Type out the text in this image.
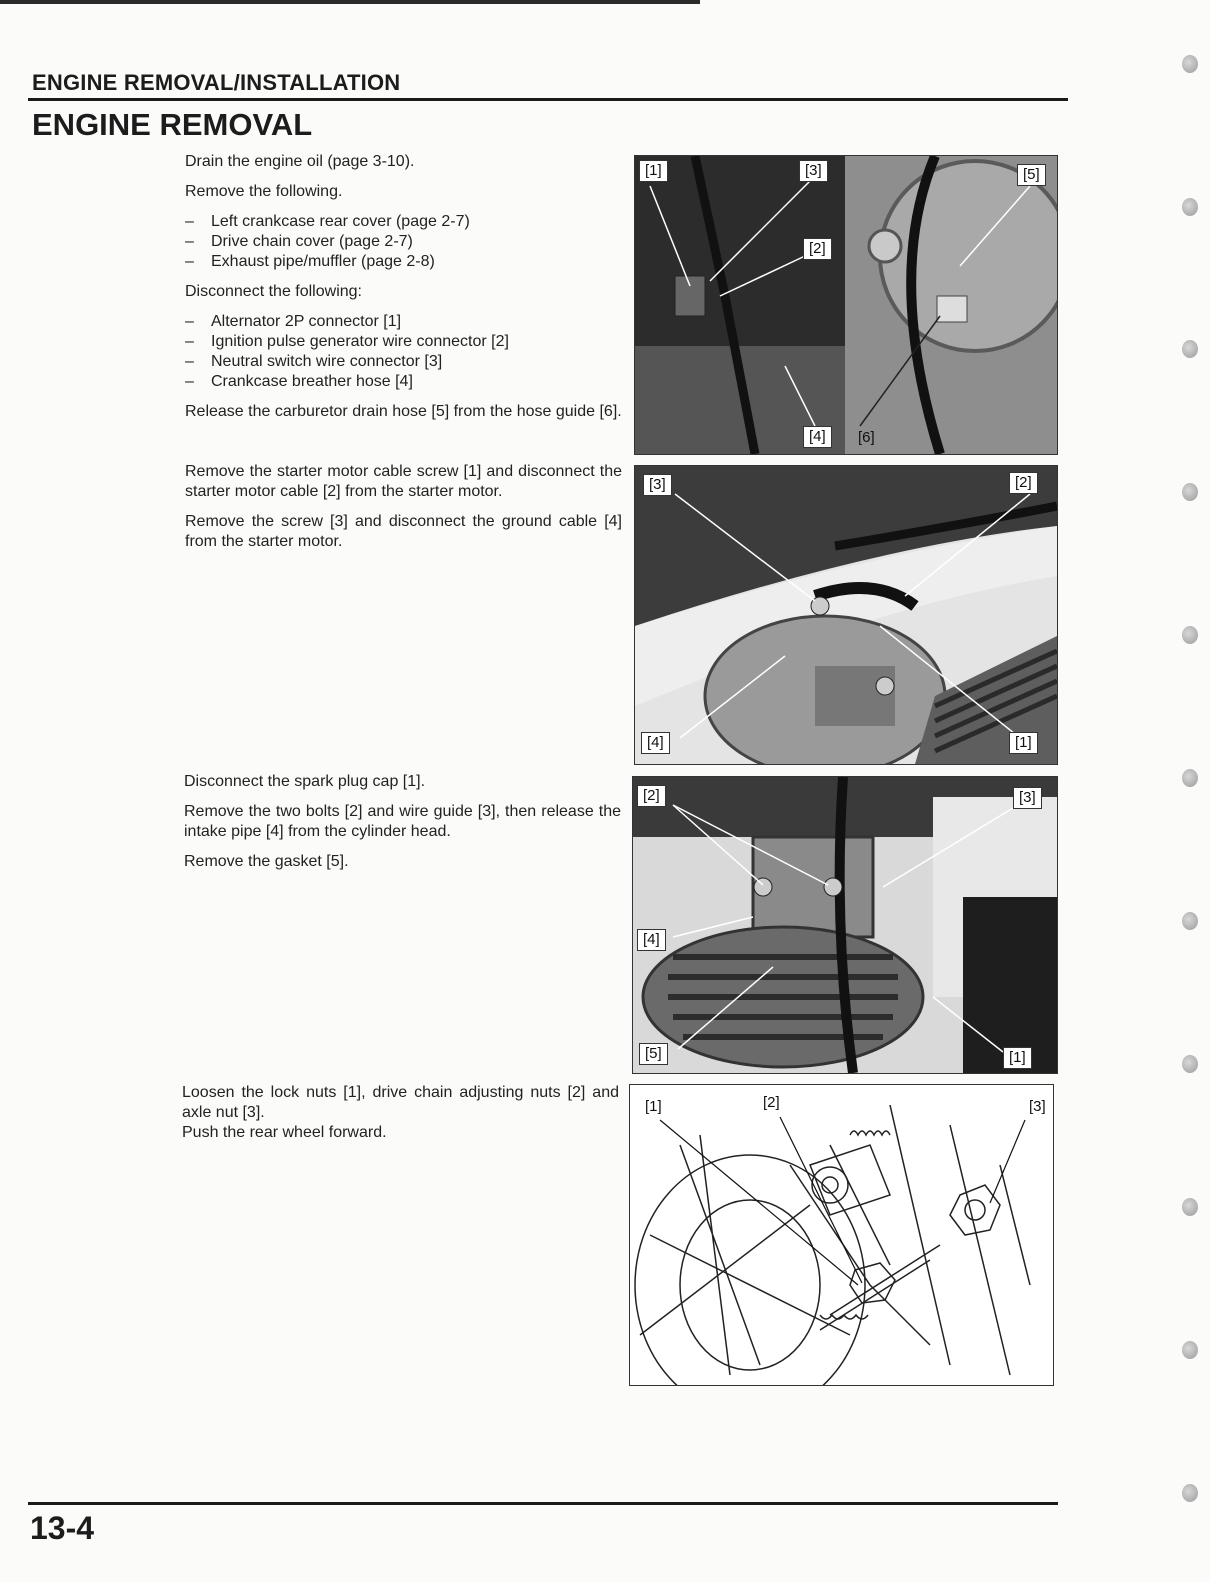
ENGINE REMOVAL/INSTALLATION
ENGINE REMOVAL

Drain the engine oil (page 3-10).

Remove the following.

– Left crankcase rear cover (page 2-7)
– Drive chain cover (page 2-7)
– Exhaust pipe/muffler (page 2-8)

Disconnect the following:

– Alternator 2P connector [1]
– Ignition pulse generator wire connector [2]
– Neutral switch wire connector [3]
– Crankcase breather hose [4]

Release the carburetor drain hose [5] from the hose guide [6].

Remove the starter motor cable screw [1] and disconnect the starter motor cable [2] from the starter motor.

Remove the screw [3] and disconnect the ground cable [4] from the starter motor.

Disconnect the spark plug cap [1].

Remove the two bolts [2] and wire guide [3], then release the intake pipe [4] from the cylinder head.

Remove the gasket [5].

Loosen the lock nuts [1], drive chain adjusting nuts [2] and axle nut [3].

Push the rear wheel forward.

[1]	[3]
[2]
[4]
[5]
[6]
[3]	[2]
[4]	[1]
[2]	[3]
[4]
[5]	[1]
[1]	[2]	[3]
13-4
